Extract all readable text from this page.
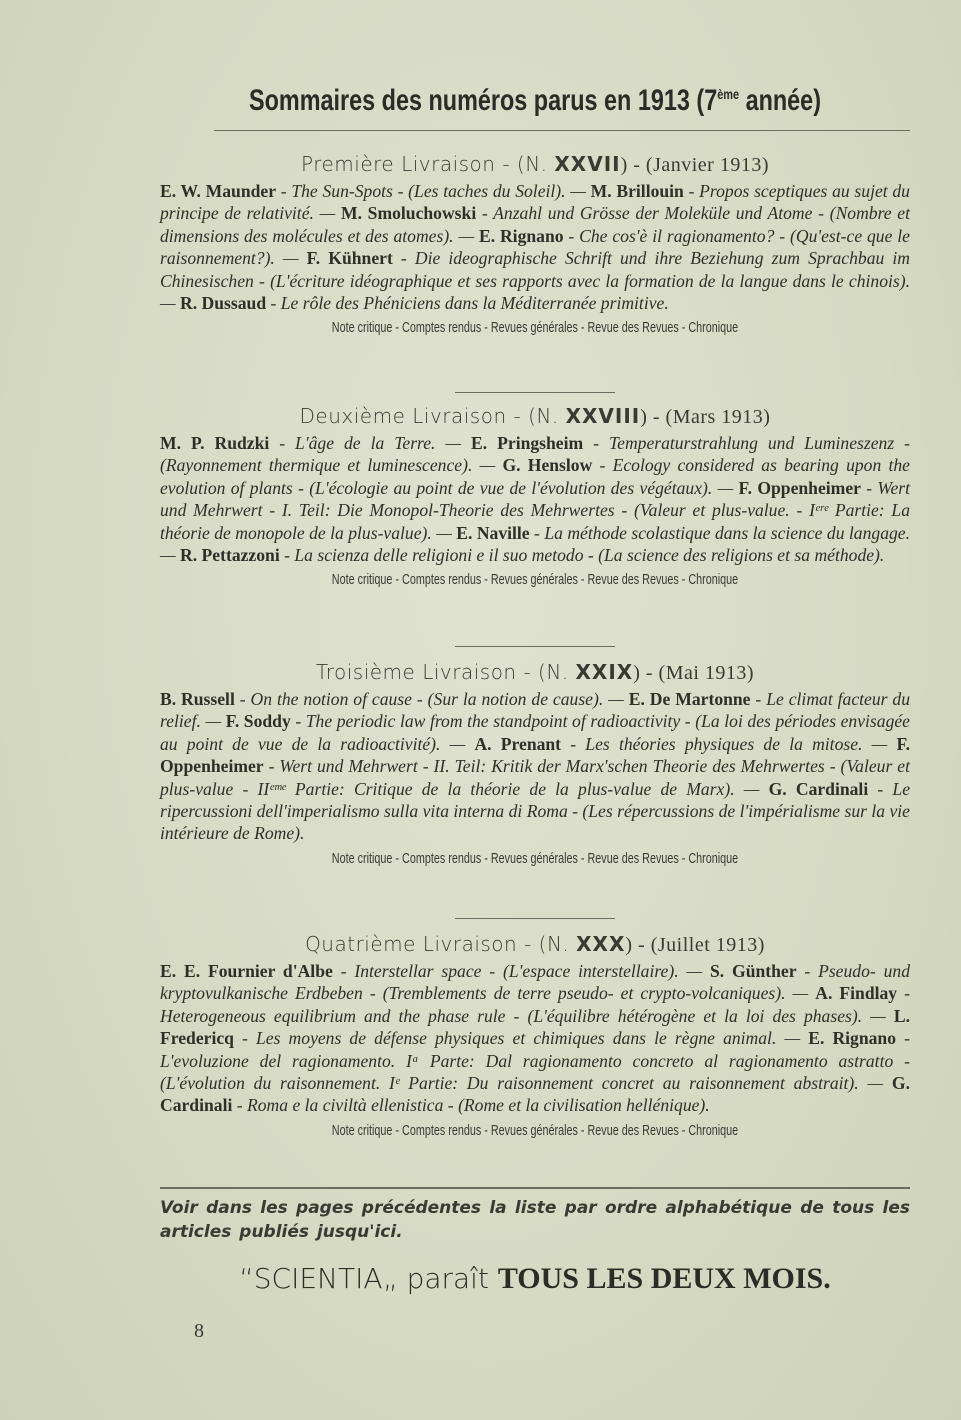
Sommaires des numéros parus en 1913 (7ème année)
Première Livraison - (N. XXVII) - (Janvier 1913)
E. W. Maunder - The Sun-Spots - (Les taches du Soleil). — M. Brillouin - Propos sceptiques au sujet du principe de relativité. — M. Smoluchowski - Anzahl und Grösse der Moleküle und Atome - (Nombre et dimensions des molécules et des atomes). — E. Rignano - Che cos'è il ragionamento? - (Qu'est-ce que le raisonnement?). — F. Kühnert - Die ideographische Schrift und ihre Beziehung zum Sprachbau im Chinesischen - (L'écriture idéographique et ses rapports avec la formation de la langue dans le chinois). — R. Dussaud - Le rôle des Phéniciens dans la Méditerranée primitive.
Note critique - Comptes rendus - Revues générales - Revue des Revues - Chronique
Deuxième Livraison - (N. XXVIII) - (Mars 1913)
M. P. Rudzki - L'âge de la Terre. — E. Pringsheim - Temperaturstrahlung und Lumineszenz - (Rayonnement thermique et luminescence). — G. Henslow - Ecology considered as bearing upon the evolution of plants - (L'écologie au point de vue de l'évolution des végétaux). — F. Oppenheimer - Wert und Mehrwert - I. Teil: Die Monopol-Theorie des Mehrwertes - (Valeur et plus-value. - Iᵉʳᵉ Partie: La théorie de monopole de la plus-value). — E. Naville - La méthode scolastique dans la science du langage. — R. Pettazzoni - La scienza delle religioni e il suo metodo - (La science des religions et sa méthode).
Note critique - Comptes rendus - Revues générales - Revue des Revues - Chronique
Troisième Livraison - (N. XXIX) - (Mai 1913)
B. Russell - On the notion of cause - (Sur la notion de cause). — E. De Martonne - Le climat facteur du relief. — F. Soddy - The periodic law from the standpoint of radioactivity - (La loi des périodes envisagée au point de vue de la radioactivité). — A. Prenant - Les théories physiques de la mitose. — F. Oppenheimer - Wert und Mehrwert - II. Teil: Kritik der Marx'schen Theorie des Mehrwertes - (Valeur et plus-value - IIᵉᵐᵉ Partie: Critique de la théorie de la plus-value de Marx). — G. Cardinali - Le ripercussioni dell'imperialismo sulla vita interna di Roma - (Les répercussions de l'impérialisme sur la vie intérieure de Rome).
Note critique - Comptes rendus - Revues générales - Revue des Revues - Chronique
Quatrième Livraison - (N. XXX) - (Juillet 1913)
E. E. Fournier d'Albe - Interstellar space - (L'espace interstellaire). — S. Günther - Pseudo- und kryptovulkanische Erdbeben - (Tremblements de terre pseudo- et crypto-volcaniques). — A. Findlay - Heterogeneous equilibrium and the phase rule - (L'équilibre hétérogène et la loi des phases). — L. Fredericq - Les moyens de défense physiques et chimiques dans le règne animal. — E. Rignano - L'evoluzione del ragionamento. Iᵃ Parte: Dal ragionamento concreto al ragionamento astratto - (L'évolution du raisonnement. Iᵉ Partie: Du raisonnement concret au raisonnement abstrait). — G. Cardinali - Roma e la civiltà ellenistica - (Rome et la civilisation hellénique).
Note critique - Comptes rendus - Revues générales - Revue des Revues - Chronique
Voir dans les pages précédentes la liste par ordre alphabétique de tous les articles publiés jusqu'ici.
“SCIENTIA„ paraît TOUS LES DEUX MOIS.
8
